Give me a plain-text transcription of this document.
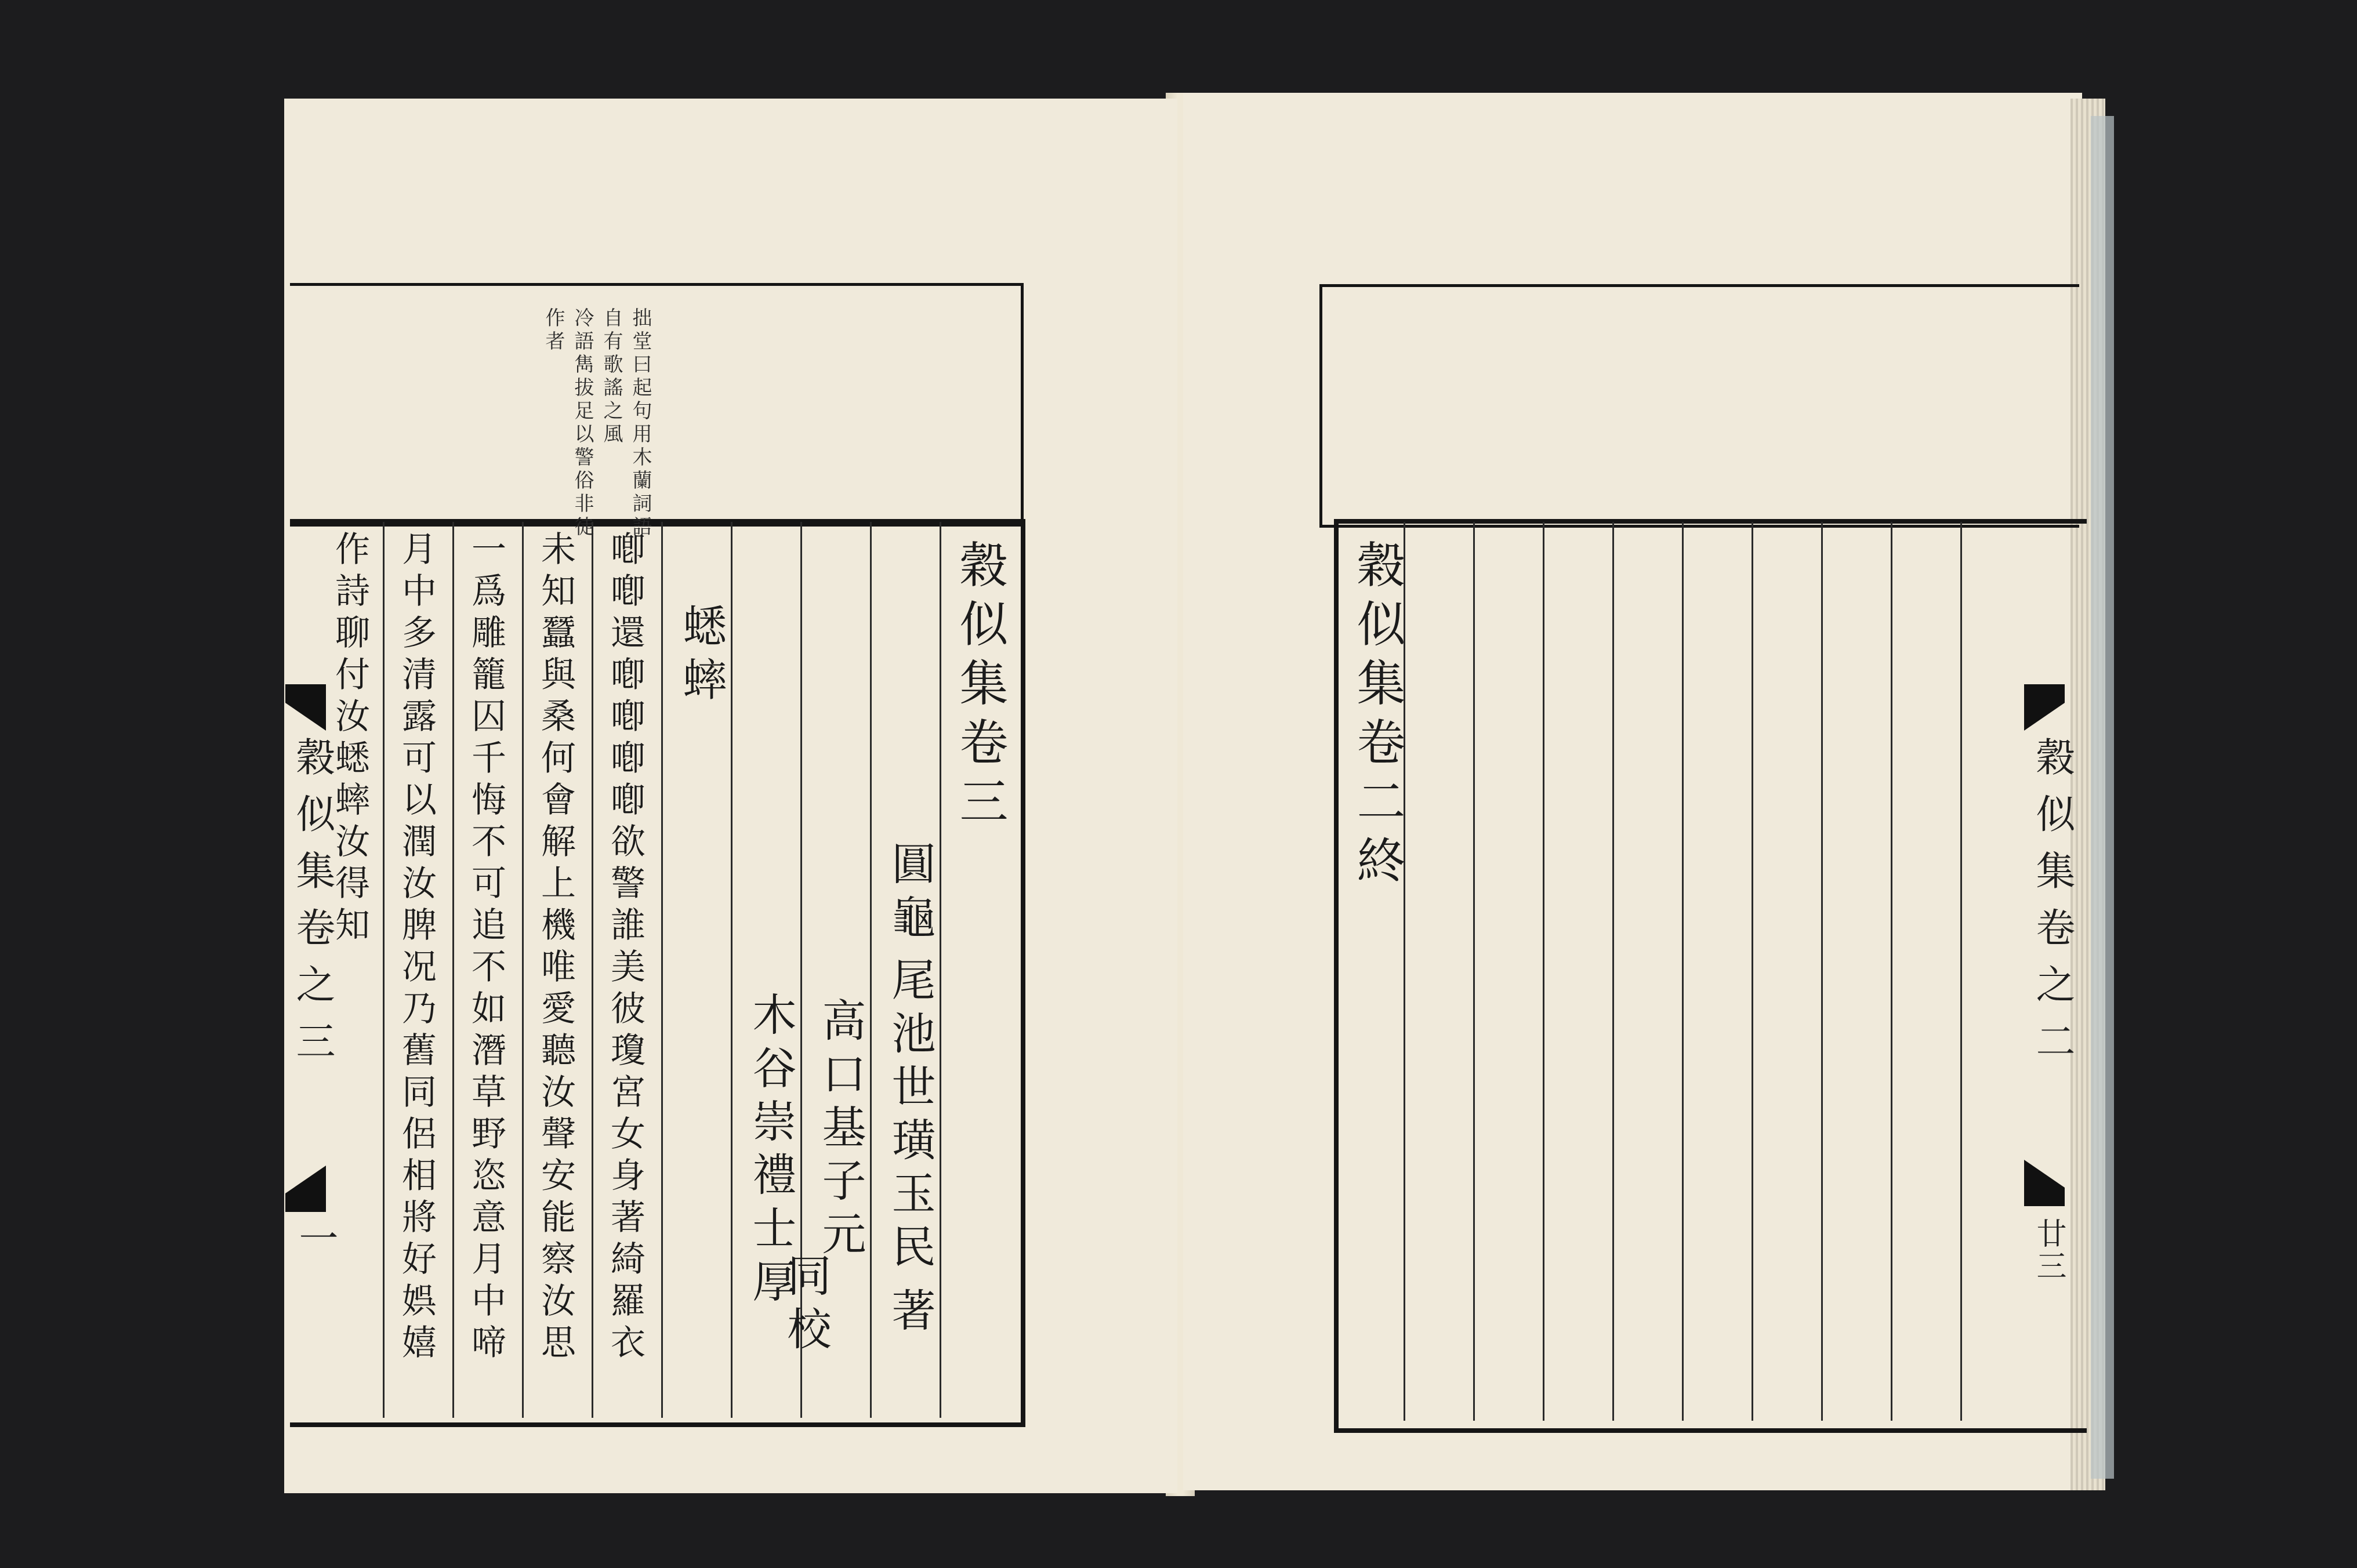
拙堂曰起句用木蘭詞語
自有歌謠之風
冷語雋拔足以警俗非徒
作者
穀似集卷三
圓龜
尾池世璜玉民
著
高口基子元
木谷崇禮士厚
同校
蟋蟀
喞喞還喞喞喞喞欲警誰美彼瓊宮女身著綺羅衣
未知蠶與桑何會解上機唯愛聽汝聲安能察汝思
一爲雕籠囚千悔不可追不如潛草野恣意月中啼
月中多清露可以潤汝脾况乃舊同侶相將好娯嬉
作詩聊付汝蟋蟀汝得知
穀似集卷之三
一
穀似集卷二終
穀似集卷之二
廿三
